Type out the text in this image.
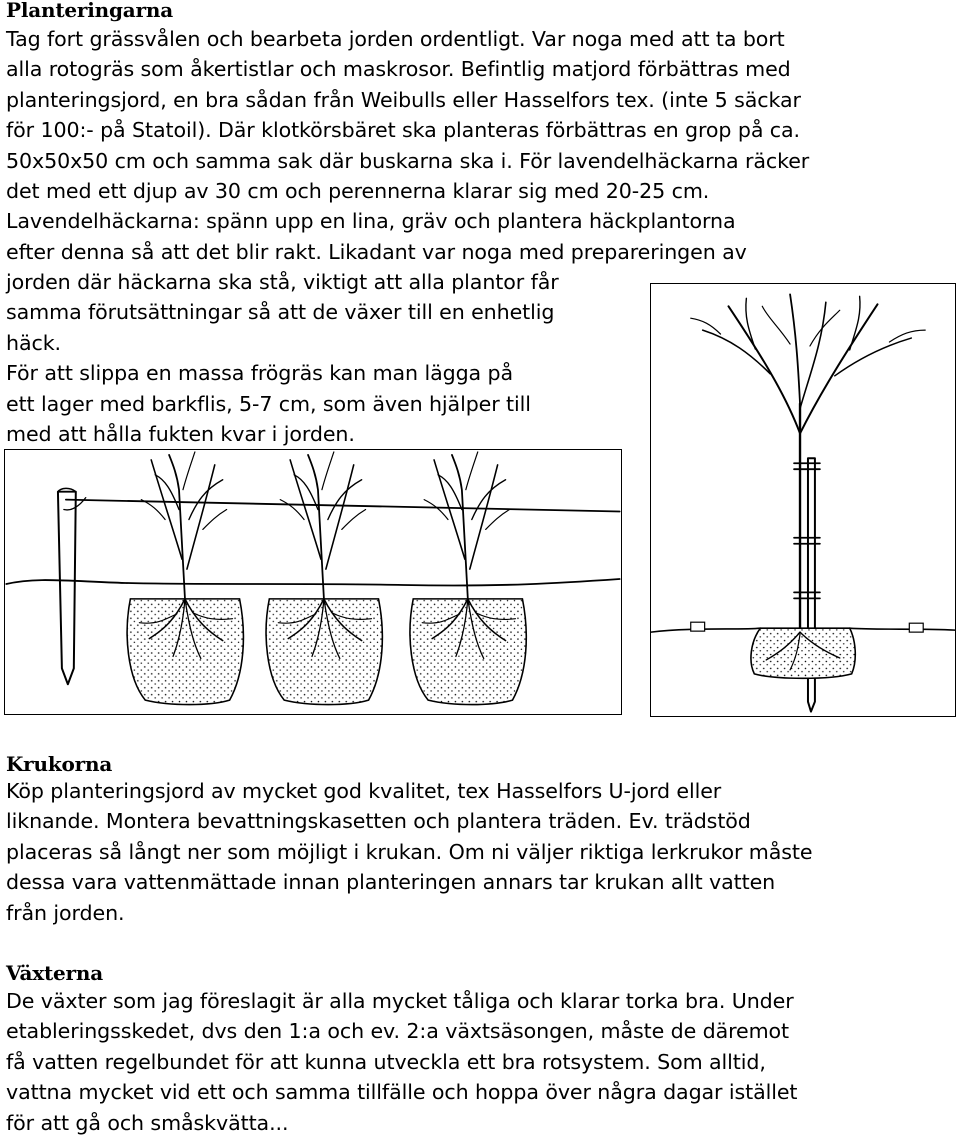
Planteringarna

Tag fort grässvålen och bearbeta jorden ordentligt. Var noga med att ta bort
alla rotogräs som åkertistlar och maskrosor. Befintlig matjord förbättras med
planteringsjord, en bra sådan från Weibulls eller Hasselfors tex. (inte 5 säckar
för 100:- på Statoil). Där klotkörsbäret ska planteras förbättras en grop på ca.
50x50x50 cm och samma sak där buskarna ska i. För lavendelhäckarna räcker
det med ett djup av 30 cm och perennerna klarar sig med 20-25 cm.
Lavendelhäckarna: spänn upp en lina, gräv och plantera häckplantorna
efter denna så att det blir rakt. Likadant var noga med prepareringen av

jorden där häckarna ska stå, viktigt att alla plantor får
samma förutsättningar så att de växer till en enhetlig
häck.
För att slippa en massa frögräs kan man lägga på
ett lager med barkflis, 5-7 cm, som även hjälper till
med att hålla fukten kvar i jorden.

Krukorna

Köp planteringsjord av mycket god kvalitet, tex Hasselfors U-jord eller
liknande. Montera bevattningskasetten och plantera träden. Ev. trädstöd
placeras så långt ner som möjligt i krukan. Om ni väljer riktiga lerkrukor måste
dessa vara vattenmättade innan planteringen annars tar krukan allt vatten
från jorden.

Växterna

De växter som jag föreslagit är alla mycket tåliga och klarar torka bra. Under
etableringsskedet, dvs den 1:a och ev. 2:a växtsäsongen, måste de däremot
få vatten regelbundet för att kunna utveckla ett bra rotsystem. Som alltid,
vattna mycket vid ett och samma tillfälle och hoppa över några dagar istället
för att gå och småskvätta...
